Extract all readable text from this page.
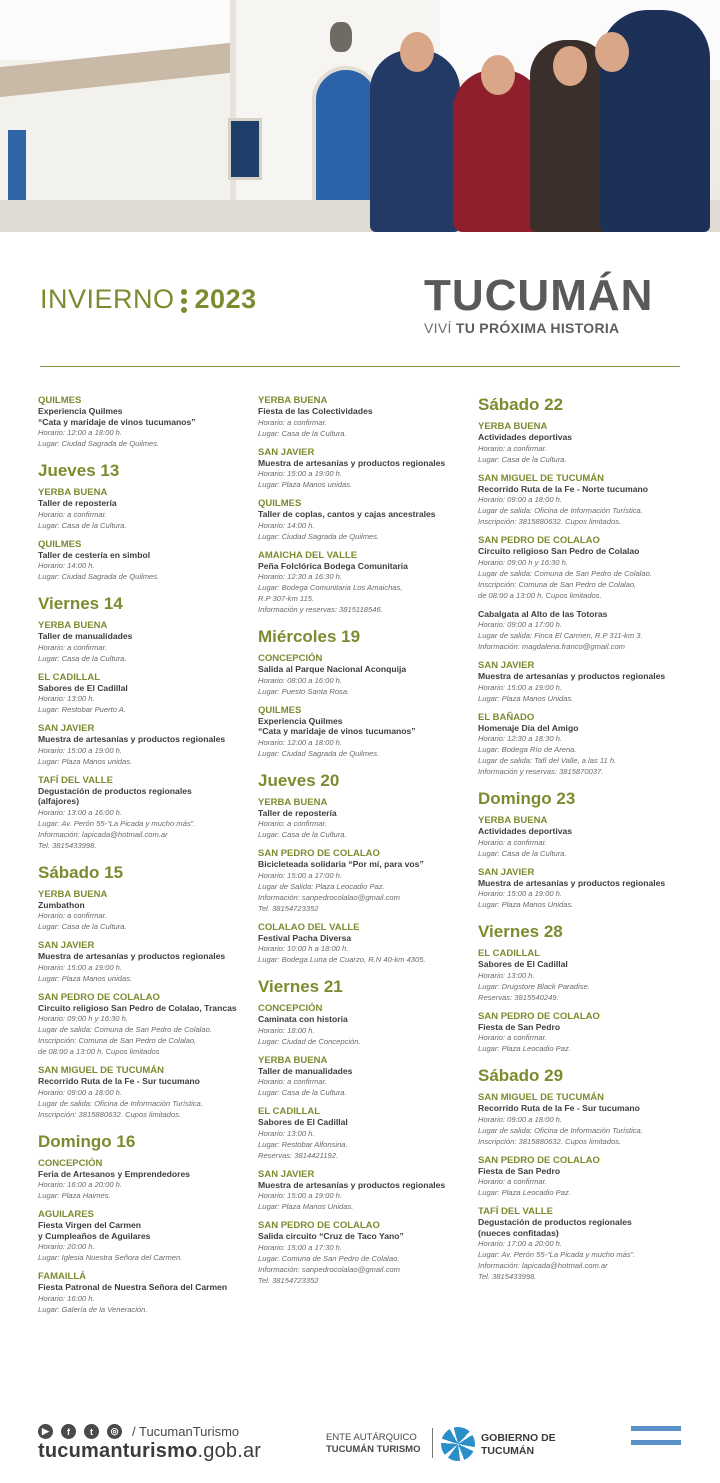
INVIERNO 2023	TUCUMÁN
VIVÍ TU PRÓXIMA HISTORIA
QUILMES
Experiencia Quilmes
“Cata y maridaje de vinos tucumanos”
Horario: 12:00 a 18:00 h.
Lugar: Ciudad Sagrada de Quilmes.
Jueves 13
YERBA BUENA
Taller de repostería
Horario: a confirmar.
Lugar: Casa de la Cultura.
QUILMES
Taller de cestería en simbol
Horario: 14:00 h.
Lugar: Ciudad Sagrada de Quilmes.
Viernes 14
YERBA BUENA
Taller de manualidades
Horario: a confirmar.
Lugar: Casa de la Cultura.
EL CADILLAL
Sabores de El Cadillal
Horario: 13:00 h.
Lugar: Restobar Puerto A.
SAN JAVIER
Muestra de artesanías y productos regionales
Horario: 15:00 a 19:00 h.
Lugar: Plaza Manos unidas.
TAFÍ DEL VALLE
Degustación de productos regionales
(alfajores)
Horario: 13:00 a 16:00 h.
Lugar: Av. Perón 55-“La Picada y mucho más”.
Información: lapicada@hotmail.com.ar
Tel. 3815433998.
Sábado 15
YERBA BUENA
Zumbathon
Horario: a confirmar.
Lugar: Casa de la Cultura.
SAN JAVIER
Muestra de artesanías y productos regionales
Horario: 15:00 a 19:00 h.
Lugar: Plaza Manos unidas.
SAN PEDRO DE COLALAO
Circuito religioso San Pedro de Colalao, Trancas
Horario: 09:00 h y 16:30 h.
Lugar de salida: Comuna de San Pedro de Colalao.
Inscripción: Comuna de San Pedro de Colalao,
de 08:00 a 13:00 h. Cupos limitados
SAN MIGUEL DE TUCUMÁN
Recorrido Ruta de la Fe - Sur tucumano
Horario: 09:00 a 18:00 h.
Lugar de salida: Oficina de Información Turística.
Inscripción: 3815880632. Cupos limitados.
Domingo 16
CONCEPCIÓN
Feria de Artesanos y Emprendedores
Horario: 16:00 a 20:00 h.
Lugar: Plaza Haimes.
AGUILARES
Fiesta Virgen del Carmen
y Cumpleaños de Aguilares
Horario: 20:00 h.
Lugar: Iglesia Nuestra Señora del Carmen.
FAMAILLÁ
Fiesta Patronal de Nuestra Señora del Carmen
Horario: 16:00 h.
Lugar: Galería de la Veneración.
YERBA BUENA
Fiesta de las Colectividades
Horario: a confirmar.
Lugar: Casa de la Cultura.
SAN JAVIER
Muestra de artesanías y productos regionales
Horario: 15:00 a 19:00 h.
Lugar: Plaza Manos unidas.
QUILMES
Taller de coplas, cantos y cajas ancestrales
Horario: 14:00 h.
Lugar: Ciudad Sagrada de Quilmes.
AMAICHA DEL VALLE
Peña Folclórica Bodega Comunitaria
Horario: 12:30 a 16:30 h.
Lugar: Bodega Comunitaria Los Amaichas,
R.P 307-km 115.
Información y reservas: 3815118546.
Miércoles 19
CONCEPCIÓN
Salida al Parque Nacional Aconquija
Horario: 08:00 a 16:00 h.
Lugar: Puesto Santa Rosa.
QUILMES
Experiencia Quilmes
“Cata y maridaje de vinos tucumanos”
Horario: 12:00 a 18:00 h.
Lugar: Ciudad Sagrada de Quilmes.
Jueves 20
YERBA BUENA
Taller de repostería
Horario: a confirmar.
Lugar: Casa de la Cultura.
SAN PEDRO DE COLALAO
Bicicleteada solidaria “Por mí, para vos”
Horario: 15:00 a 17:00 h.
Lugar de Salida: Plaza Leocadio Paz.
Información: sanpedrocolalao@gmail.com
Tel. 38154723352
COLALAO DEL VALLE
Festival Pacha Diversa
Horario: 10:00 h a 18:00 h.
Lugar: Bodega Luna de Cuarzo, R.N 40-km 4305.
Viernes 21
CONCEPCIÓN
Caminata con historia
Horario: 18:00 h.
Lugar: Ciudad de Concepción.
YERBA BUENA
Taller de manualidades
Horario: a confirmar.
Lugar: Casa de la Cultura.
EL CADILLAL
Sabores de El Cadillal
Horario: 13:00 h.
Lugar: Restobar Alfonsina.
Reservas: 3814421192.
SAN JAVIER
Muestra de artesanías y productos regionales
Horario: 15:00 a 19:00 h.
Lugar: Plaza Manos Unidas.
SAN PEDRO DE COLALAO
Salida circuito “Cruz de Taco Yano”
Horario: 15:00 a 17:30 h.
Lugar: Comuna de San Pedro de Colalao.
Información: sanpedrocolalao@gmail.com
Tel. 38154723352
Sábado 22
YERBA BUENA
Actividades deportivas
Horario: a confirmar.
Lugar: Casa de la Cultura.
SAN MIGUEL DE TUCUMÁN
Recorrido Ruta de la Fe - Norte tucumano
Horario: 09:00 a 18:00 h.
Lugar de salida: Oficina de Información Turística.
Inscripción: 3815880632. Cupos limitados.
SAN PEDRO DE COLALAO
Circuito religioso San Pedro de Colalao
Horario: 09:00 h y 16:30 h.
Lugar de salida: Comuna de San Pedro de Colalao.
Inscripción: Comuna de San Pedro de Colalao,
de 08:00 a 13:00 h. Cupos limitados.
Cabalgata al Alto de las Totoras
Horario: 09:00 a 17:00 h.
Lugar de salida: Finca El Carmen, R.P 311-km 3.
Información: magdalena.franco@gmail.com
SAN JAVIER
Muestra de artesanías y productos regionales
Horario: 15:00 a 19:00 h.
Lugar: Plaza Manos Unidas.
EL BAÑADO
Homenaje Día del Amigo
Horario: 12:30 a 18:30 h.
Lugar: Bodega Río de Arena.
Lugar de salida: Tafí del Valle, a las 11 h.
Información y reservas: 3815870037.
Domingo 23
YERBA BUENA
Actividades deportivas
Horario: a confirmar.
Lugar: Casa de la Cultura.
SAN JAVIER
Muestra de artesanías y productos regionales
Horario: 15:00 a 19:00 h.
Lugar: Plaza Manos Unidas.
Viernes 28
EL CADILLAL
Sabores de El Cadillal
Horario: 13:00 h.
Lugar: Drugstore Black Paradise.
Reservas: 3815540249.
SAN PEDRO DE COLALAO
Fiesta de San Pedro
Horario: a confirmar.
Lugar: Plaza Leocadio Paz.
Sábado 29
SAN MIGUEL DE TUCUMÁN
Recorrido Ruta de la Fe - Sur tucumano
Horario: 09:00 a 18:00 h.
Lugar de salida: Oficina de Información Turística.
Inscripción: 3815880632. Cupos limitados.
SAN PEDRO DE COLALAO
Fiesta de San Pedro
Horario: a confirmar.
Lugar: Plaza Leocadio Paz.
TAFÍ DEL VALLE
Degustación de productos regionales
(nueces confitadas)
Horario: 17:00 a 20:00 h.
Lugar: Av. Perón 55-“La Picada y mucho más”.
Información: lapicada@hotmail.com.ar
Tel. 3815433998.
▶	f	t	◎ / TucumanTurismo
tucumanturismo.gob.ar
ENTE AUTÁRQUICO
TUCUMÁN TURISMO
GOBIERNO DE
TUCUMÁN
